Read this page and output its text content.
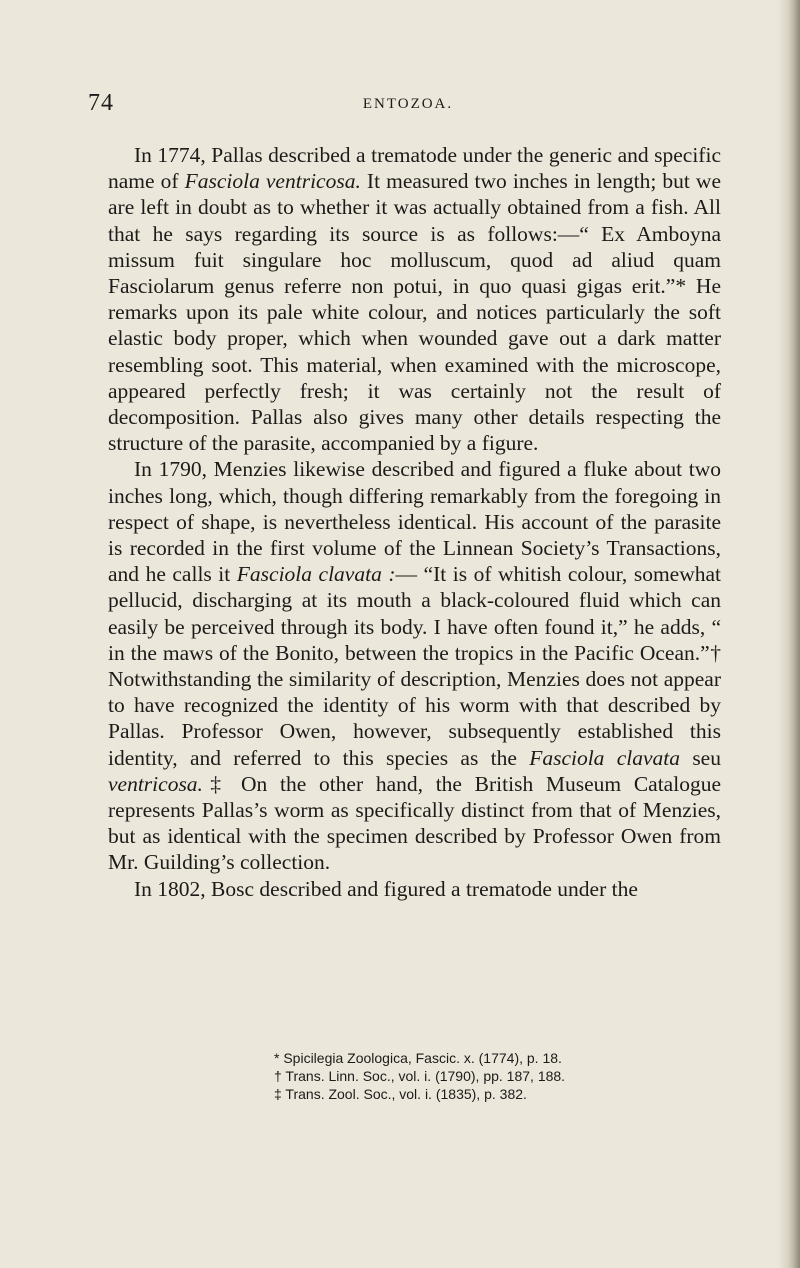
74	ENTOZOA.

In 1774, Pallas described a trematode under the generic and specific name of Fasciola ventricosa. It measured two inches in length; but we are left in doubt as to whether it was actually obtained from a fish. All that he says regarding its source is as follows:—“ Ex Amboyna missum fuit singulare hoc molluscum, quod ad aliud quam Fasciolarum genus referre non potui, in quo quasi gigas erit.”* He remarks upon its pale white colour, and notices particularly the soft elastic body proper, which when wounded gave out a dark matter resembling soot. This material, when examined with the microscope, appeared perfectly fresh; it was certainly not the result of decomposition. Pallas also gives many other details respecting the structure of the parasite, accompanied by a figure.

In 1790, Menzies likewise described and figured a fluke about two inches long, which, though differing remarkably from the foregoing in respect of shape, is nevertheless identical. His account of the parasite is recorded in the first volume of the Linnean Society’s Transactions, and he calls it Fasciola clavata :— “It is of whitish colour, somewhat pellucid, discharging at its mouth a black-coloured fluid which can easily be perceived through its body. I have often found it,” he adds, “ in the maws of the Bonito, between the tropics in the Pacific Ocean.”† Notwithstanding the similarity of description, Menzies does not appear to have recognized the identity of his worm with that described by Pallas. Professor Owen, however, subsequently established this identity, and referred to this species as the Fasciola clavata seu ventricosa.‡ On the other hand, the British Museum Catalogue represents Pallas’s worm as specifically distinct from that of Menzies, but as identical with the specimen described by Professor Owen from Mr. Guilding’s collection.

In 1802, Bosc described and figured a trematode under the

* Spicilegia Zoologica, Fascic. x. (1774), p. 18.

† Trans. Linn. Soc., vol. i. (1790), pp. 187, 188.

‡ Trans. Zool. Soc., vol. i. (1835), p. 382.
